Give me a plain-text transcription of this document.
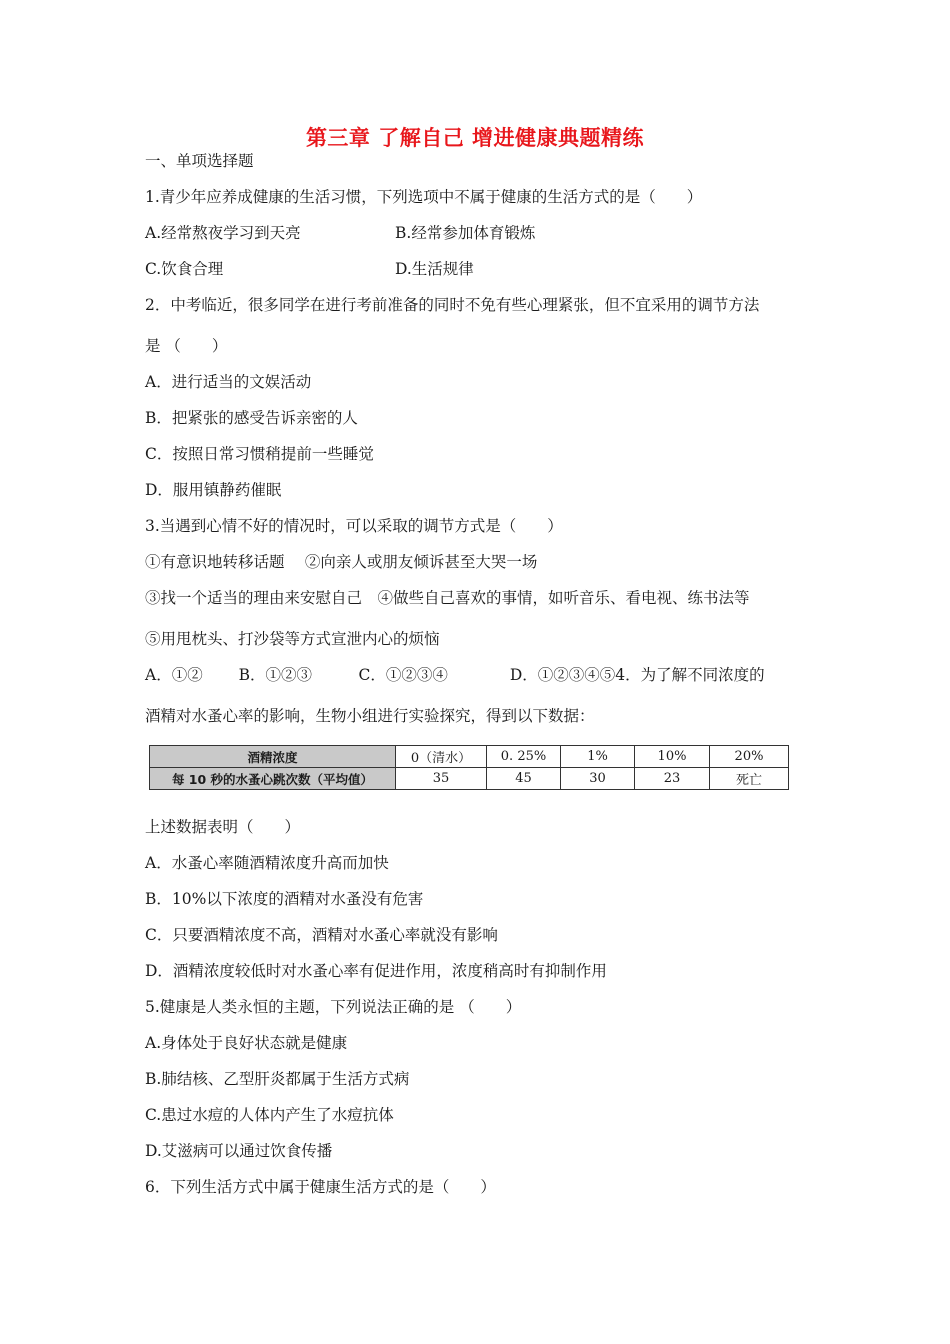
第三章 了解自己 增进健康典题精练
一、单项选择题
1.青少年应养成健康的生活习惯，下列选项中不属于健康的生活方式的是（　　）
A.经常熬夜学习到天亮	B.经常参加体育锻炼
C.饮食合理	D.生活规律
2．中考临近，很多同学在进行考前准备的同时不免有些心理紧张，但不宜采用的调节方法
是 （　　）
A．进行适当的文娱活动
B．把紧张的感受告诉亲密的人
C．按照日常习惯稍提前一些睡觉
D．服用镇静药催眠
3.当遇到心情不好的情况时，可以采取的调节方式是（　　）
①有意识地转移话题　 ②向亲人或朋友倾诉甚至大哭一场
③找一个适当的理由来安慰自己　④做些自己喜欢的事情，如听音乐、看电视、练书法等
⑤用甩枕头、打沙袋等方式宣泄内心的烦恼
A．①②　　 B．①②③　　　C．①②③④　　　　D．①②③④⑤4．为了解不同浓度的
酒精对水蚤心率的影响，生物小组进行实验探究，得到以下数据：
酒精浓度	0（清水）	0. 25%	1%	10%	20%
每 10 秒的水蚤心跳次数（平均值）	35	45	30	23	死亡
上述数据表明（　　）
A．水蚤心率随酒精浓度升高而加快
B．10%以下浓度的酒精对水蚤没有危害
C．只要酒精浓度不高，酒精对水蚤心率就没有影响
D．酒精浓度较低时对水蚤心率有促进作用，浓度稍高时有抑制作用
5.健康是人类永恒的主题，下列说法正确的是 （　　）
A.身体处于良好状态就是健康
B.肺结核、乙型肝炎都属于生活方式病
C.患过水痘的人体内产生了水痘抗体
D.艾滋病可以通过饮食传播
6．下列生活方式中属于健康生活方式的是（　　）
